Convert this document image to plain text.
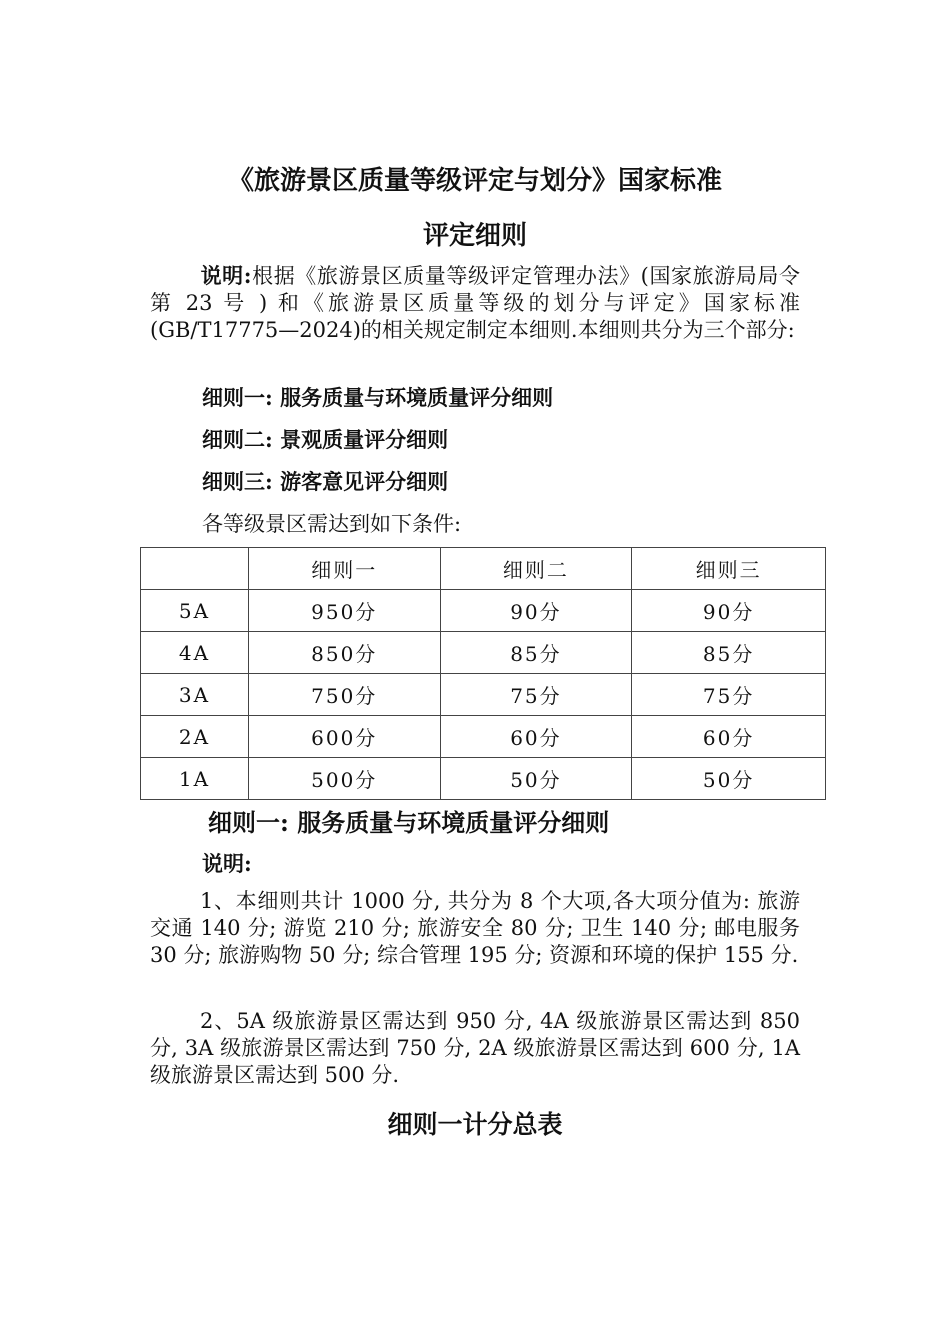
《旅游景区质量等级评定与划分》国家标准
评定细则
说明:根据《旅游景区质量等级评定管理办法》(国家旅游局局令第 23 号 ) 和《旅游景区质量等级的划分与评定》国家标准(GB/T17775—2024)的相关规定制定本细则.本细则共分为三个部分:
细则一: 服务质量与环境质量评分细则
细则二: 景观质量评分细则
细则三: 游客意见评分细则
各等级景区需达到如下条件:
	细则一	细则二	细则三
5A	950分	90分	90分
4A	850分	85分	85分
3A	750分	75分	75分
2A	600分	60分	60分
1A	500分	50分	50分
细则一: 服务质量与环境质量评分细则
说明:
1、本细则共计 1000 分, 共分为 8 个大项,各大项分值为: 旅游交通 140 分; 游览 210 分; 旅游安全 80 分; 卫生 140 分; 邮电服务 30 分; 旅游购物 50 分; 综合管理 195 分; 资源和环境的保护 155 分.
2、5A 级旅游景区需达到 950 分, 4A 级旅游景区需达到 850 分, 3A 级旅游景区需达到 750 分, 2A 级旅游景区需达到 600 分, 1A 级旅游景区需达到 500 分.
细则一计分总表
